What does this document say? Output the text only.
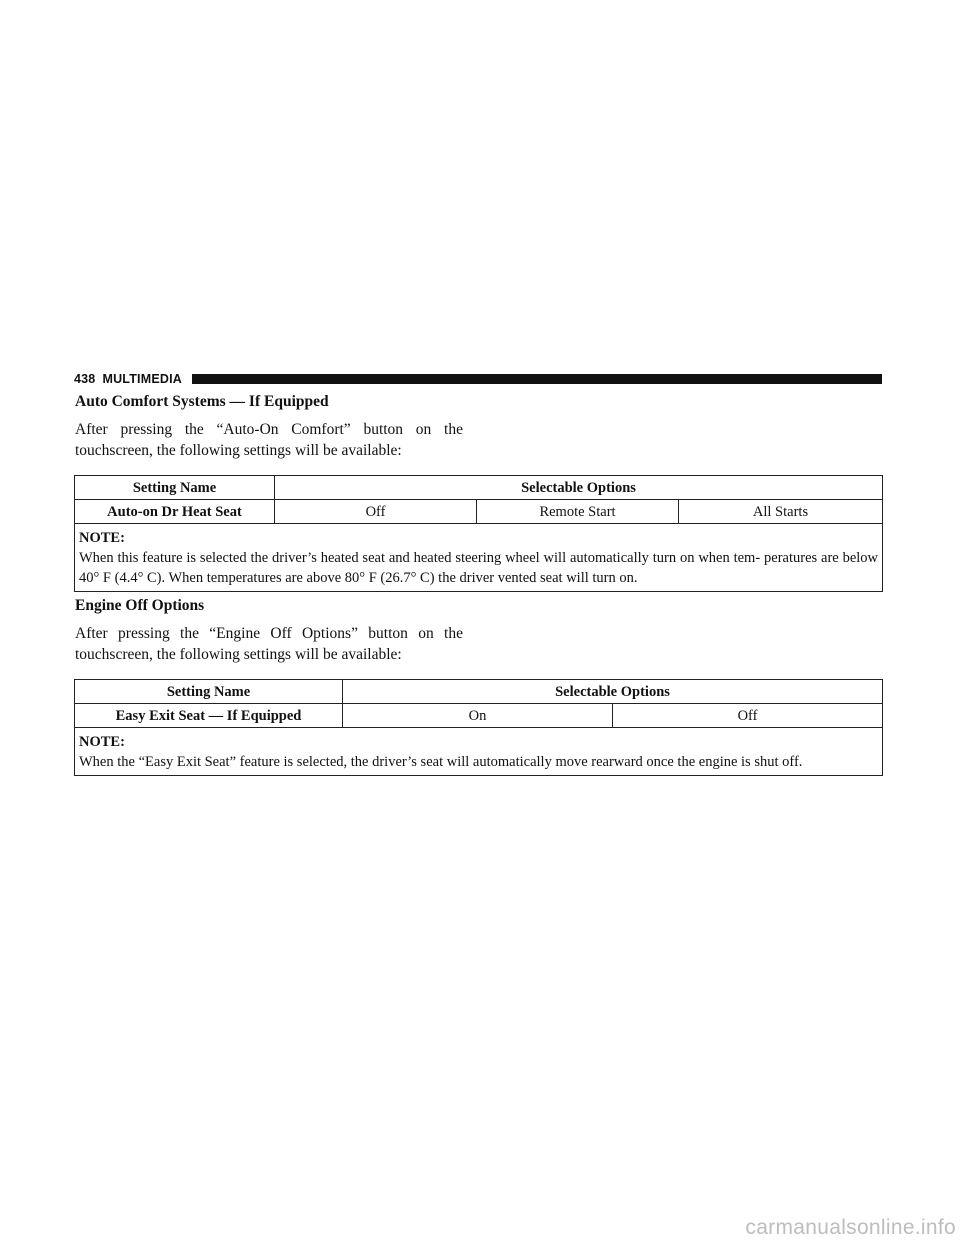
438 MULTIMEDIA
Auto Comfort Systems — If Equipped
After pressing the “Auto-On Comfort” button on the touchscreen, the following settings will be available:
Setting Name	Selectable Options		
Auto-on Dr Heat Seat	Off	Remote Start	All Starts

NOTE:
When this feature is selected the driver’s heated seat and heated steering wheel will automatically turn on when tem- peratures are below 40° F (4.4° C). When temperatures are above 80° F (26.7° C) the driver vented seat will turn on.			
Engine Off Options
After pressing the “Engine Off Options” button on the touchscreen, the following settings will be available:
Setting Name	Selectable Options	
Easy Exit Seat — If Equipped	On	Off

NOTE:
When the “Easy Exit Seat” feature is selected, the driver’s seat will automatically move rearward once the engine is shut off.		
carmanualsonline.info
